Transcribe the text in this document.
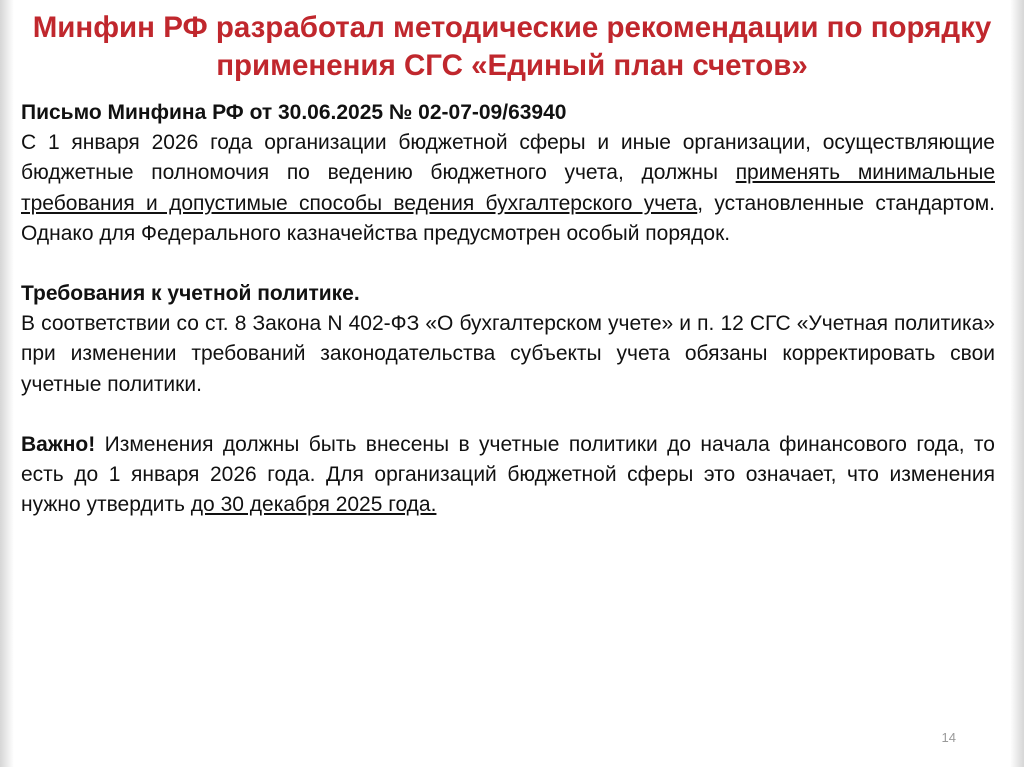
Минфин РФ разработал методические рекомендации по порядку применения СГС «Единый план счетов»

Письмо Минфина РФ от 30.06.2025 № 02-07-09/63940
С 1 января 2026 года организации бюджетной сферы и иные организации, осуществляющие бюджетные полномочия по ведению бюджетного учета, должны применять минимальные требования и допустимые способы ведения бухгалтерского учета, установленные стандартом. Однако для Федерального казначейства предусмотрен особый порядок.

Требования к учетной политике.
В соответствии со ст. 8 Закона N 402-ФЗ «О бухгалтерском учете» и п. 12 СГС «Учетная политика» при изменении требований законодательства субъекты учета обязаны корректировать свои учетные политики.

Важно! Изменения должны быть внесены в учетные политики до начала финансового года, то есть до 1 января 2026 года. Для организаций бюджетной сферы это означает, что изменения нужно утвердить до 30 декабря 2025 года.

14
